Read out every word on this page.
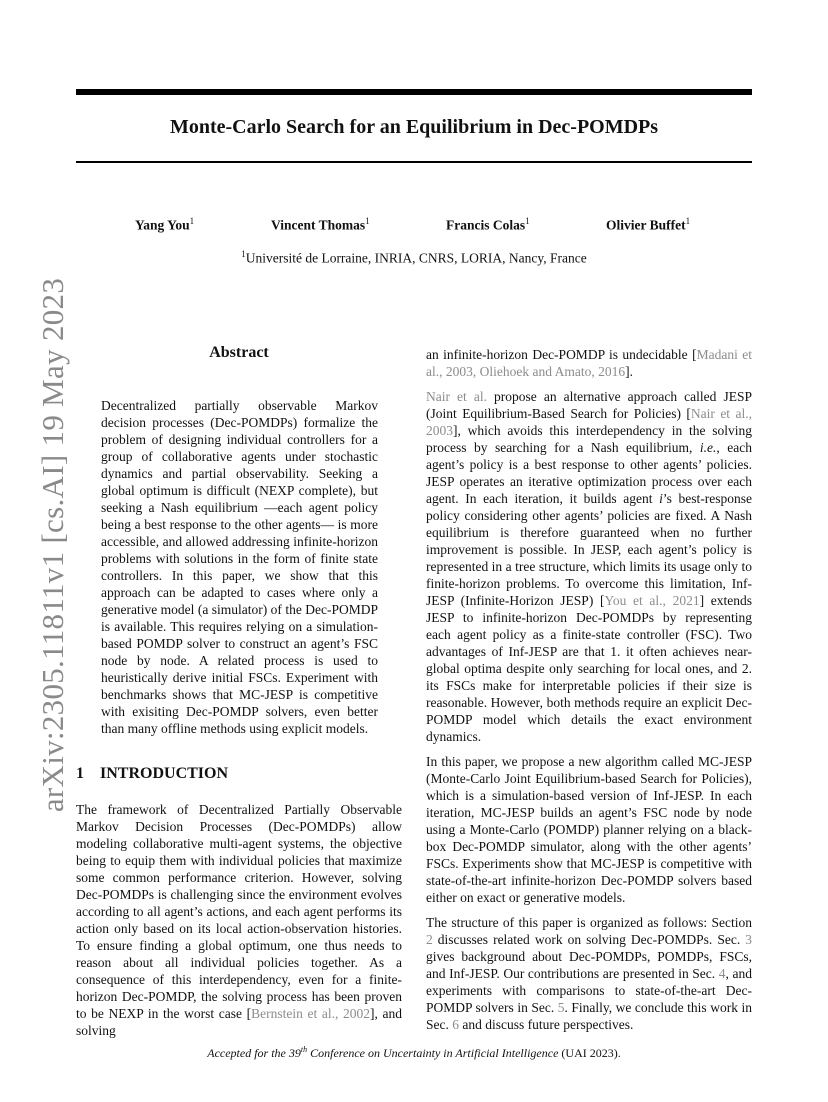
Monte-Carlo Search for an Equilibrium in Dec-POMDPs
Yang You$^1$	Vincent Thomas$^1$	Francis Colas$^1$	Olivier Buffet$^1$
$^1$Université de Lorraine, INRIA, CNRS, LORIA, Nancy, France
arXiv:2305.11811v1 [cs.AI] 19 May 2023	Abstract
Decentralized partially observable Markov decision processes (Dec-POMDPs) formalize the problem of designing individual controllers for a group of collaborative agents under stochastic dynamics and partial observability. Seeking a global optimum is difficult (NEXP complete), but seeking a Nash equilibrium —each agent policy being a best response to the other agents— is more accessible, and allowed addressing infinite-horizon problems with solutions in the form of finite state controllers. In this paper, we show that this approach can be adapted to cases where only a generative model (a simulator) of the Dec-POMDP is available. This requires relying on a simulation-based POMDP solver to construct an agent’s FSC node by node. A related process is used to heuristically derive initial FSCs. Experiment with benchmarks shows that MC-JESP is competitive with exisiting Dec-POMDP solvers, even better than many offline methods using explicit models.
1 INTRODUCTION
The framework of Decentralized Partially Observable Markov Decision Processes (Dec-POMDPs) allow modeling collaborative multi-agent systems, the objective being to equip them with individual policies that maximize some common performance criterion. However, solving Dec-POMDPs is challenging since the environment evolves according to all agent’s actions, and each agent performs its action only based on its local action-observation histories. To ensure finding a global optimum, one thus needs to reason about all individual policies together. As a consequence of this interdependency, even for a finite-horizon Dec-POMDP, the solving process has been proven to be NEXP in the worst case [Bernstein et al., 2002], and solving

an infinite-horizon Dec-POMDP is undecidable [Madani et al., 2003, Oliehoek and Amato, 2016].

Nair et al. propose an alternative approach called JESP (Joint Equilibrium-Based Search for Policies) [Nair et al., 2003], which avoids this interdependency in the solving process by searching for a Nash equilibrium, i.e., each agent’s policy is a best response to other agents’ policies. JESP operates an iterative optimization process over each agent. In each iteration, it builds agent i’s best-response policy considering other agents’ policies are fixed. A Nash equilibrium is therefore guaranteed when no further improvement is possible. In JESP, each agent’s policy is represented in a tree structure, which limits its usage only to finite-horizon problems. To overcome this limitation, Inf-JESP (Infinite-Horizon JESP) [You et al., 2021] extends JESP to infinite-horizon Dec-POMDPs by representing each agent policy as a finite-state controller (FSC). Two advantages of Inf-JESP are that 1. it often achieves near-global optima despite only searching for local ones, and 2. its FSCs make for interpretable policies if their size is reasonable. However, both methods require an explicit Dec-POMDP model which details the exact environment dynamics.

In this paper, we propose a new algorithm called MC-JESP (Monte-Carlo Joint Equilibrium-based Search for Policies), which is a simulation-based version of Inf-JESP. In each iteration, MC-JESP builds an agent’s FSC node by node using a Monte-Carlo (POMDP) planner relying on a black-box Dec-POMDP simulator, along with the other agents’ FSCs. Experiments show that MC-JESP is competitive with state-of-the-art infinite-horizon Dec-POMDP solvers based either on exact or generative models.

The structure of this paper is organized as follows: Section 2 discusses related work on solving Dec-POMDPs. Sec. 3 gives background about Dec-POMDPs, POMDPs, FSCs, and Inf-JESP. Our contributions are presented in Sec. 4, and experiments with comparisons to state-of-the-art Dec-POMDP solvers in Sec. 5. Finally, we conclude this work in Sec. 6 and discuss future perspectives.

Accepted for the 39th Conference on Uncertainty in Artificial Intelligence (UAI 2023).
